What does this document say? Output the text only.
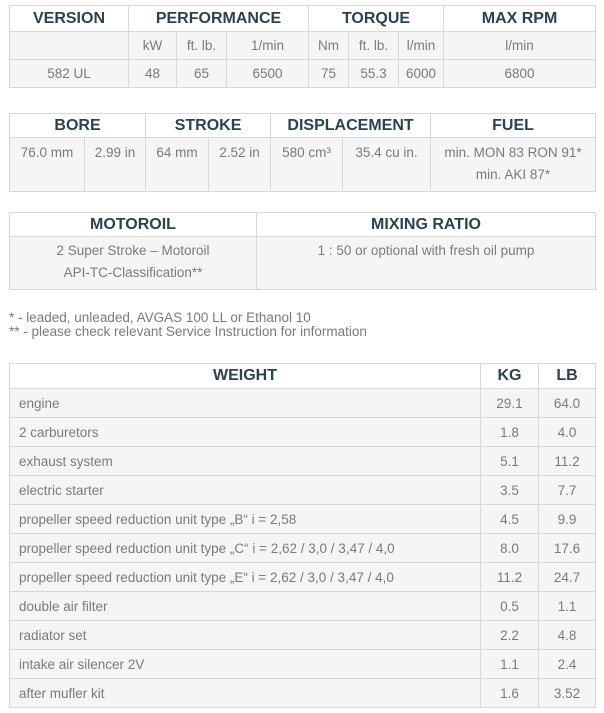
VERSION	PERFORMANCE			TORQUE			MAX RPM
	kW	ft. lb.	1/min	Nm	ft. lb.	l/min	l/min
582 UL	48	65	6500	75	55.3	6000	6800
BORE		STROKE		DISPLACEMENT		FUEL
76.0 mm	2.99 in	64 mm	2.52 in	580 cm³	35.4 cu in.	min. MON 83 RON 91*
min. AKI 87*
MOTOROIL	MIXING RATIO

2 Super Stroke – Motoroil
API-TC-Classification**	1 : 50 or optional with fresh oil pump
* - leaded, unleaded, AVGAS 100 LL or Ethanol 10
** - please check relevant Service Instruction for information
WEIGHT	KG	LB
engine	29.1	64.0
2 carburetors	1.8	4.0
exhaust system	5.1	11.2
electric starter	3.5	7.7
propeller speed reduction unit type „B“ i = 2,58	4.5	9.9
propeller speed reduction unit type „C“ i = 2,62 / 3,0 / 3,47 / 4,0	8.0	17.6
propeller speed reduction unit type „E“ i = 2,62 / 3,0 / 3,47 / 4,0	11.2	24.7
double air filter	0.5	1.1
radiator set	2.2	4.8
intake air silencer 2V	1.1	2.4
after mufler kit	1.6	3.52
